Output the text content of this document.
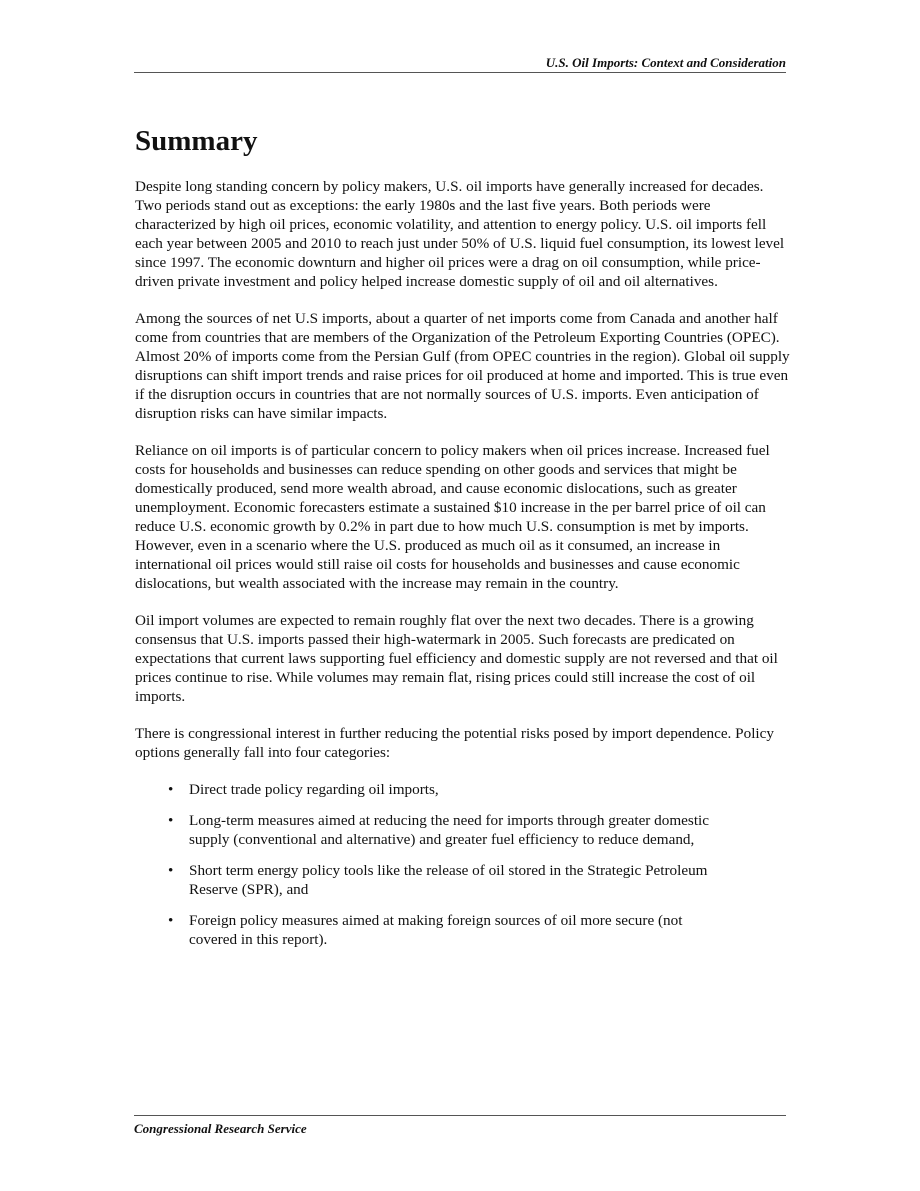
U.S. Oil Imports: Context and Consideration
Summary

Despite long standing concern by policy makers, U.S. oil imports have generally increased for decades. Two periods stand out as exceptions: the early 1980s and the last five years. Both periods were characterized by high oil prices, economic volatility, and attention to energy policy. U.S. oil imports fell each year between 2005 and 2010 to reach just under 50% of U.S. liquid fuel consumption, its lowest level since 1997. The economic downturn and higher oil prices were a drag on oil consumption, while price-driven private investment and policy helped increase domestic supply of oil and oil alternatives.

Among the sources of net U.S imports, about a quarter of net imports come from Canada and another half come from countries that are members of the Organization of the Petroleum Exporting Countries (OPEC). Almost 20% of imports come from the Persian Gulf (from OPEC countries in the region). Global oil supply disruptions can shift import trends and raise prices for oil produced at home and imported. This is true even if the disruption occurs in countries that are not normally sources of U.S. imports. Even anticipation of disruption risks can have similar impacts.

Reliance on oil imports is of particular concern to policy makers when oil prices increase. Increased fuel costs for households and businesses can reduce spending on other goods and services that might be domestically produced, send more wealth abroad, and cause economic dislocations, such as greater unemployment. Economic forecasters estimate a sustained $10 increase in the per barrel price of oil can reduce U.S. economic growth by 0.2% in part due to how much U.S. consumption is met by imports. However, even in a scenario where the U.S. produced as much oil as it consumed, an increase in international oil prices would still raise oil costs for households and businesses and cause economic dislocations, but wealth associated with the increase may remain in the country.

Oil import volumes are expected to remain roughly flat over the next two decades. There is a growing consensus that U.S. imports passed their high-watermark in 2005. Such forecasts are predicated on expectations that current laws supporting fuel efficiency and domestic supply are not reversed and that oil prices continue to rise. While volumes may remain flat, rising prices could still increase the cost of oil imports.

There is congressional interest in further reducing the potential risks posed by import dependence. Policy options generally fall into four categories:

• Direct trade policy regarding oil imports,
• Long-term measures aimed at reducing the need for imports through greater domestic supply (conventional and alternative) and greater fuel efficiency to reduce demand,
• Short term energy policy tools like the release of oil stored in the Strategic Petroleum Reserve (SPR), and
• Foreign policy measures aimed at making foreign sources of oil more secure (not covered in this report).
Congressional Research Service
